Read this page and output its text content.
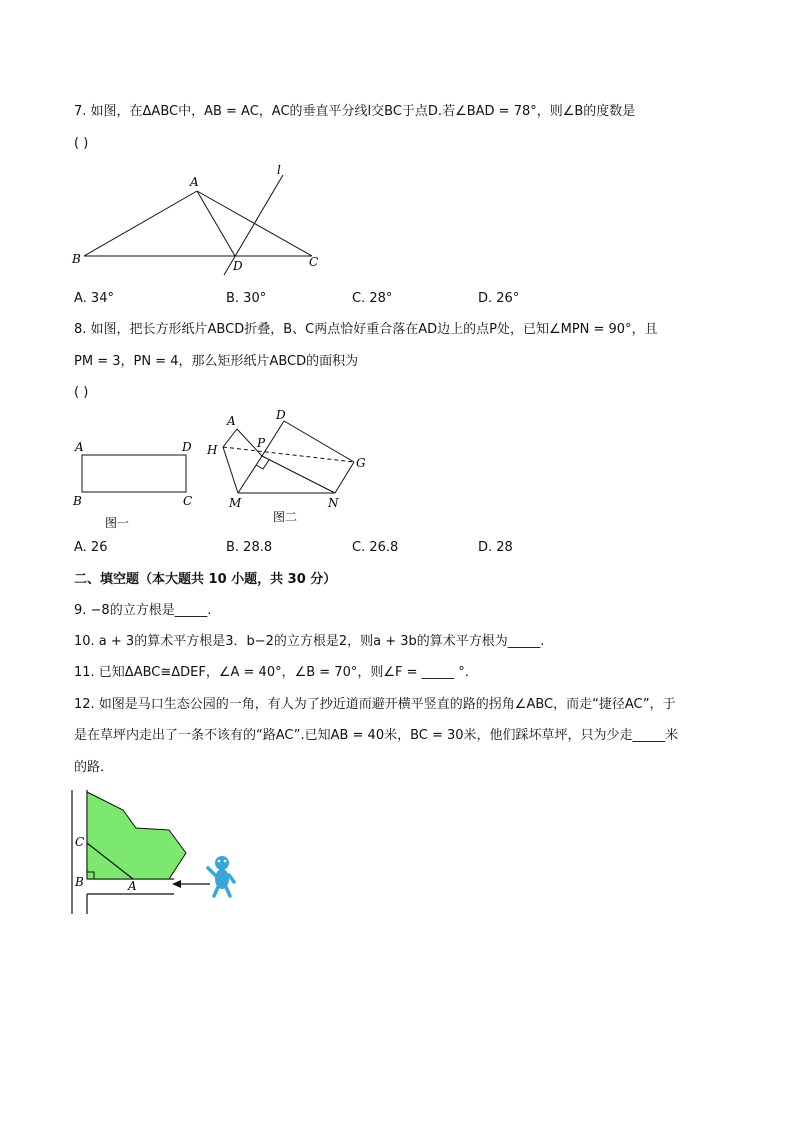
7. 如图，在ΔABC中，AB = AC，AC的垂直平分线l交BC于点D.若∠BAD = 78°，则∠B的度数是
( )
A
B	C
D
l
A. 34°	B. 30°	C. 28°	D. 26°
8. 如图，把长方形纸片ABCD折叠，B、C两点恰好重合落在AD边上的点P处，已知∠MPN = 90°，且
PM = 3，PN = 4，那么矩形纸片ABCD的面积为
( )
A	D
B	C
图一
A	D
H	P
G
M	N
图二
A. 26	B. 28.8	C. 26.8	D. 28
二、填空题（本大题共 10 小题，共 30 分）
9. −8的立方根是_____.
10. a + 3的算术平方根是3．b−2的立方根是2，则a + 3b的算术平方根为_____.
11. 已知ΔABC≅ΔDEF，∠A = 40°，∠B = 70°，则∠F = _____ °.
12. 如图是马口生态公园的一角，有人为了抄近道而避开横平竖直的路的拐角∠ABC，而走“捷径AC”，于
是在草坪内走出了一条不该有的“路AC”.已知AB = 40米，BC = 30米，他们踩坏草坪，只为少走_____米
的路．
C
B	A
